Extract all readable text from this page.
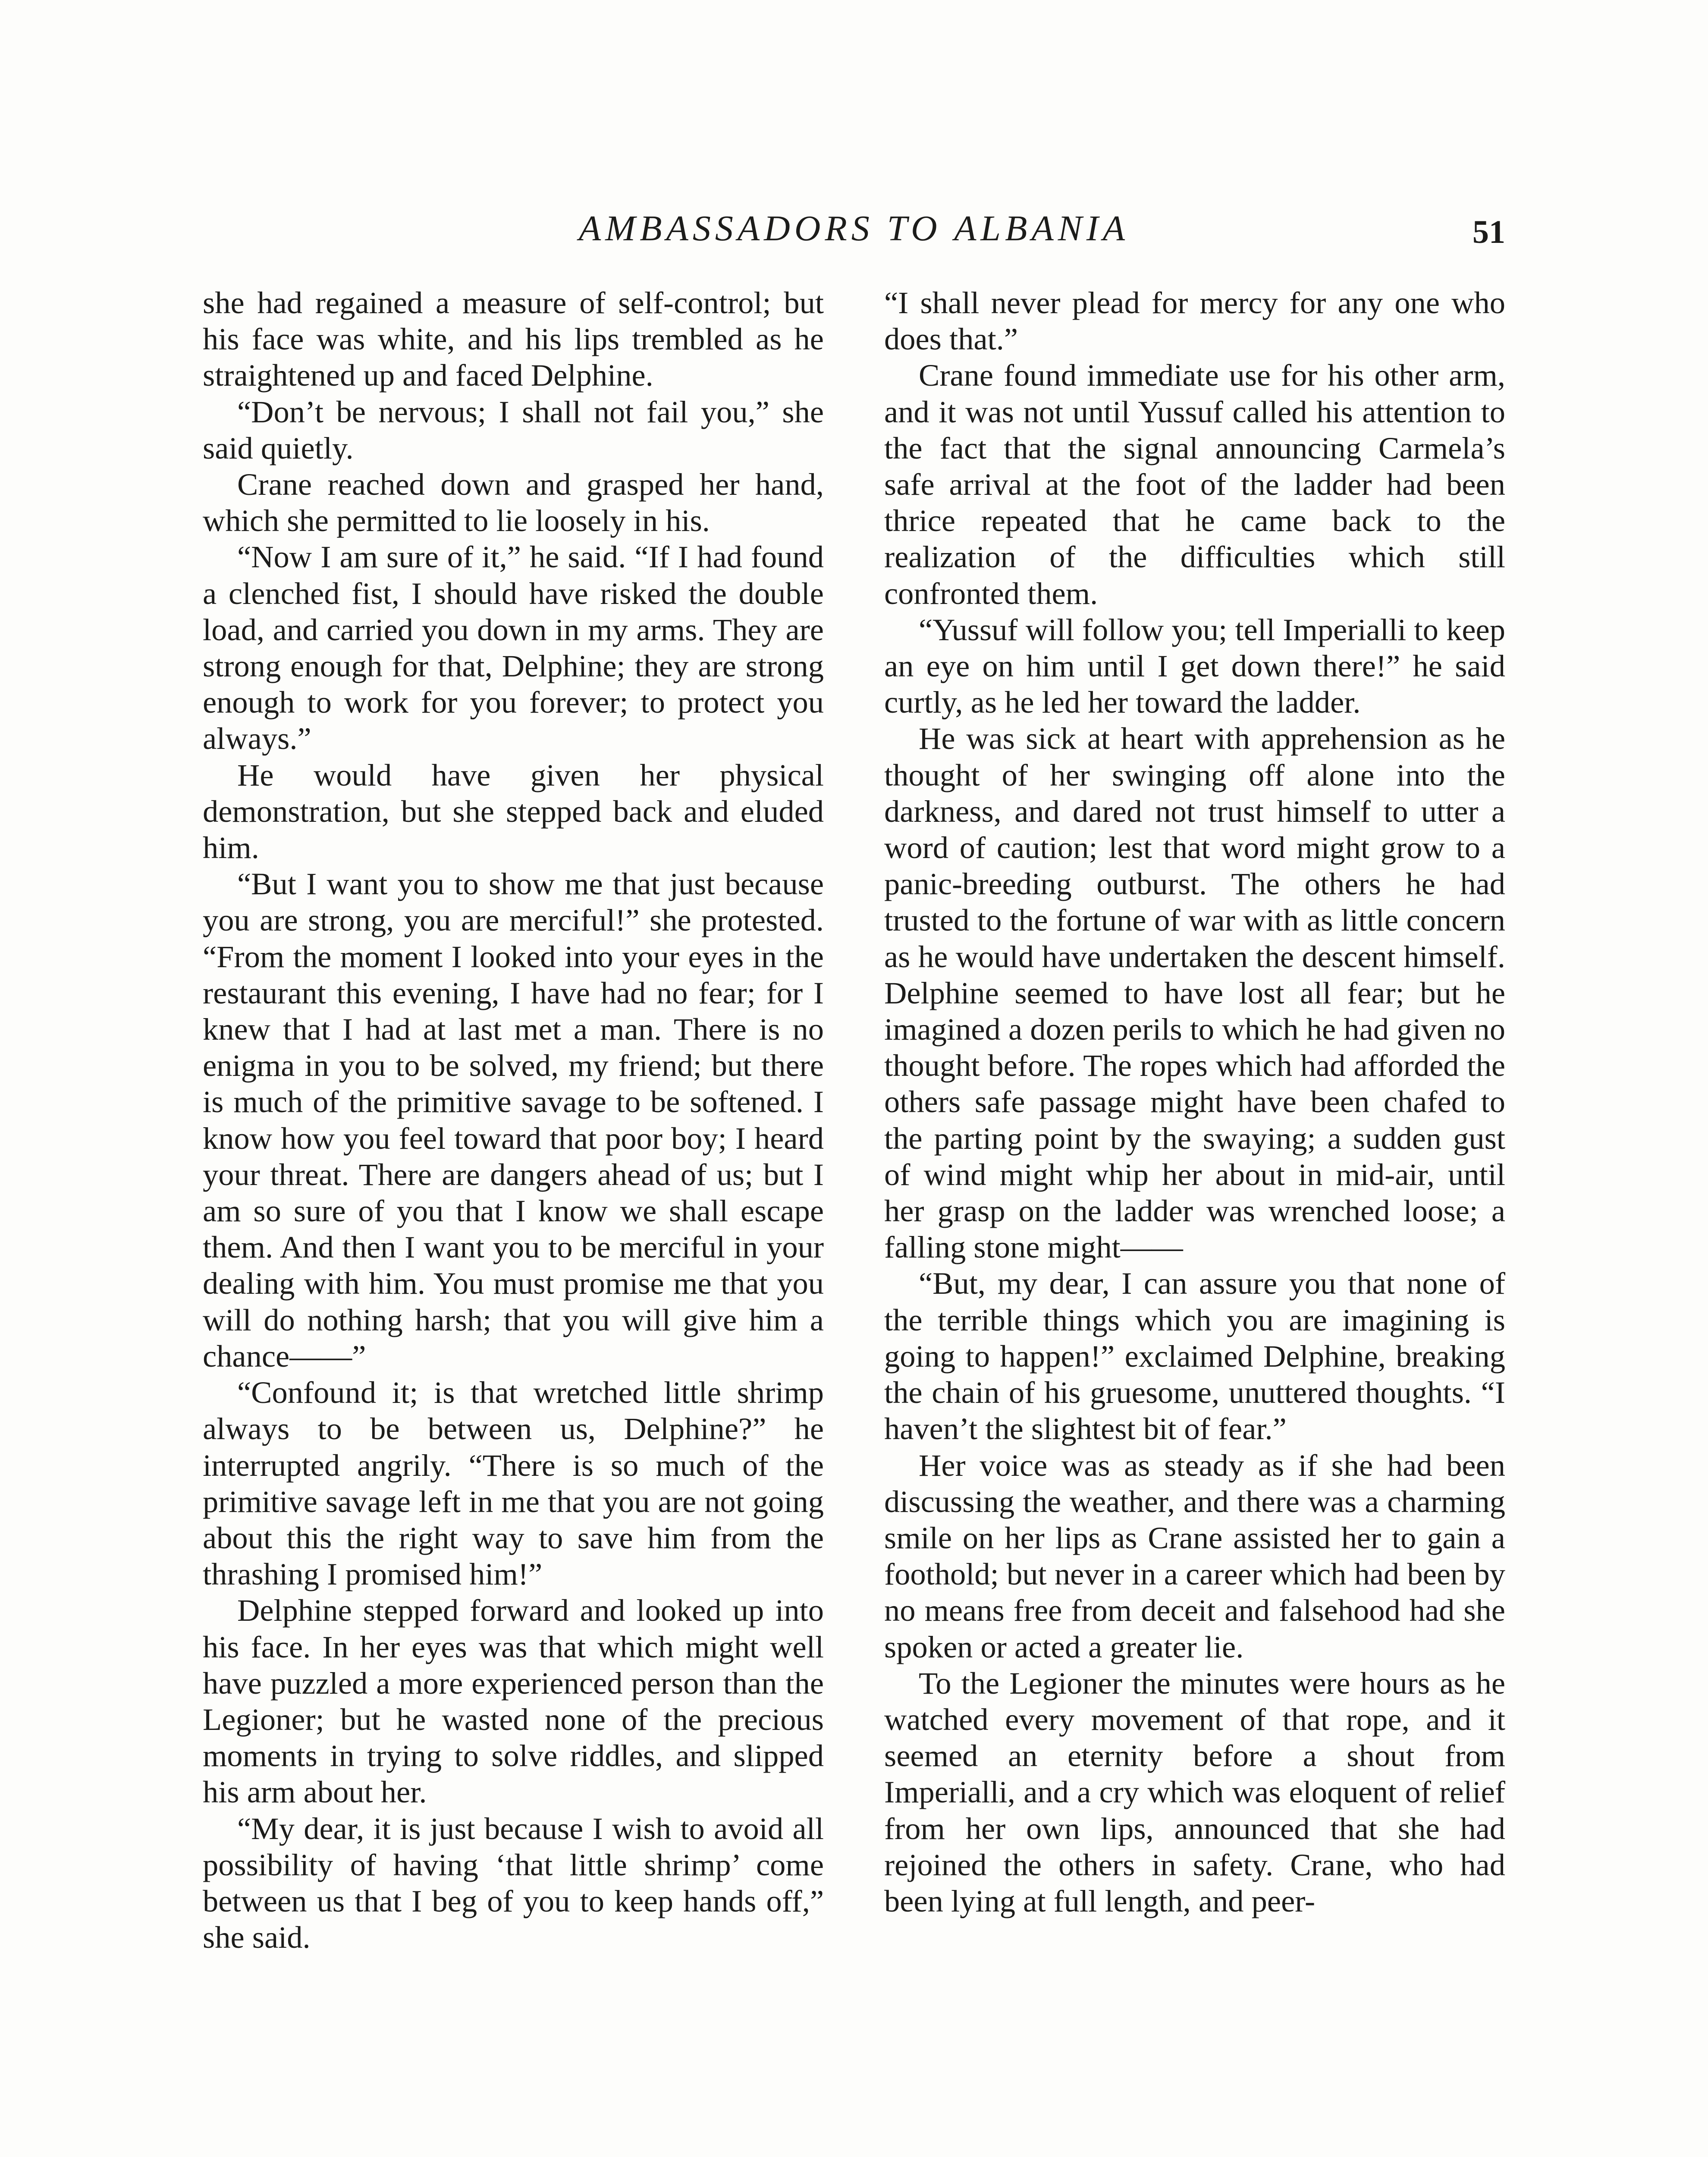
AMBASSADORS TO ALBANIA	51

she had regained a measure of self-control; but his face was white, and his lips trembled as he straightened up and faced Delphine.

“Don’t be nervous; I shall not fail you,” she said quietly.

Crane reached down and grasped her hand, which she permitted to lie loosely in his.

“Now I am sure of it,” he said. “If I had found a clenched fist, I should have risked the double load, and carried you down in my arms. They are strong enough for that, Delphine; they are strong enough to work for you forever; to protect you always.”

He would have given her physical demonstration, but she stepped back and eluded him.

“But I want you to show me that just because you are strong, you are merciful!” she protested. “From the moment I looked into your eyes in the restaurant this evening, I have had no fear; for I knew that I had at last met a man. There is no enigma in you to be solved, my friend; but there is much of the primitive savage to be softened. I know how you feel toward that poor boy; I heard your threat. There are dangers ahead of us; but I am so sure of you that I know we shall escape them. And then I want you to be merciful in your dealing with him. You must promise me that you will do nothing harsh; that you will give him a chance——”

“Confound it; is that wretched little shrimp always to be between us, Delphine?” he interrupted angrily. “There is so much of the primitive savage left in me that you are not going about this the right way to save him from the thrashing I promised him!”

Delphine stepped forward and looked up into his face. In her eyes was that which might well have puzzled a more experienced person than the Legioner; but he wasted none of the precious moments in trying to solve riddles, and slipped his arm about her.

“My dear, it is just because I wish to avoid all possibility of having ‘that little shrimp’ come between us that I beg of you to keep hands off,” she said.

“I shall never plead for mercy for any one who does that.”

Crane found immediate use for his other arm, and it was not until Yussuf called his attention to the fact that the signal announcing Carmela’s safe arrival at the foot of the ladder had been thrice repeated that he came back to the realization of the difficulties which still confronted them.

“Yussuf will follow you; tell Imperialli to keep an eye on him until I get down there!” he said curtly, as he led her toward the ladder.

He was sick at heart with apprehension as he thought of her swinging off alone into the darkness, and dared not trust himself to utter a word of caution; lest that word might grow to a panic-breeding outburst. The others he had trusted to the fortune of war with as little concern as he would have undertaken the descent himself. Delphine seemed to have lost all fear; but he imagined a dozen perils to which he had given no thought before. The ropes which had afforded the others safe passage might have been chafed to the parting point by the swaying; a sudden gust of wind might whip her about in mid-air, until her grasp on the ladder was wrenched loose; a falling stone might——

“But, my dear, I can assure you that none of the terrible things which you are imagining is going to happen!” exclaimed Delphine, breaking the chain of his gruesome, unuttered thoughts. “I haven’t the slightest bit of fear.”

Her voice was as steady as if she had been discussing the weather, and there was a charming smile on her lips as Crane assisted her to gain a foothold; but never in a career which had been by no means free from deceit and falsehood had she spoken or acted a greater lie.

To the Legioner the minutes were hours as he watched every movement of that rope, and it seemed an eternity before a shout from Imperialli, and a cry which was eloquent of relief from her own lips, announced that she had rejoined the others in safety. Crane, who had been lying at full length, and peer-
